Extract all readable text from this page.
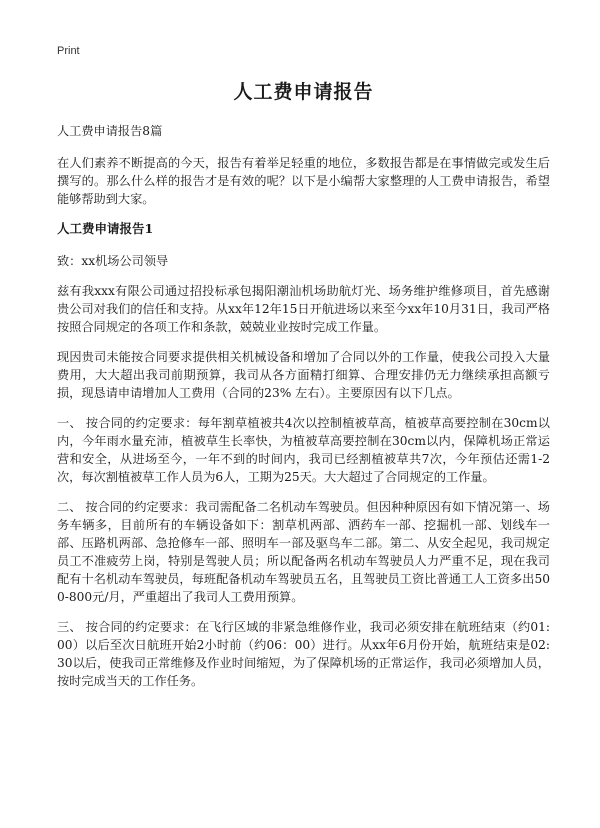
Print
人工费申请报告

人工费申请报告8篇

在人们素养不断提高的今天，报告有着举足轻重的地位，多数报告都是在事情做完或发生后撰写的。那么什么样的报告才是有效的呢？以下是小编帮大家整理的人工费申请报告，希望能够帮助到大家。

人工费申请报告1

致：xx机场公司领导

兹有我xxx有限公司通过招投标承包揭阳潮汕机场助航灯光、场务维护维修项目，首先感谢贵公司对我们的信任和支持。从xx年12年15日开航进场以来至今xx年10月31日，我司严格按照合同规定的各项工作和条款，兢兢业业按时完成工作量。

现因贵司未能按合同要求提供相关机械设备和增加了合同以外的工作量，使我公司投入大量费用，大大超出我司前期预算，我司从各方面精打细算、合理安排仍无力继续承担高额亏损，现恳请申请增加人工费用（合同的23% 左右）。主要原因有以下几点。

一、 按合同的约定要求：每年割草植被共4次以控制植被草高，植被草高要控制在30cm以内，今年雨水量充沛，植被草生长率快，为植被草高要控制在30cm以内，保障机场正常运营和安全，从进场至今，一年不到的时间内，我司已经割植被草共7次，今年预估还需1-2次，每次割植被草工作人员为6人，工期为25天。大大超过了合同规定的工作量。

二、 按合同的约定要求：我司需配备二名机动车驾驶员。但因种种原因有如下情况第一、场务车辆多，目前所有的车辆设备如下：割草机两部、洒药车一部、挖掘机一部、划线车一部、压路机两部、急抢修车一部、照明车一部及驱鸟车二部。第二、从安全起见，我司规定员工不准疲劳上岗，特别是驾驶人员；所以配备两名机动车驾驶员人力严重不足，现在我司配有十名机动车驾驶员，每班配备机动车驾驶员五名，且驾驶员工资比普通工人工资多出500-800元/月，严重超出了我司人工费用预算。

三、 按合同的约定要求：在飞行区域的非紧急维修作业，我司必须安排在航班结束（约01:00）以后至次日航班开始2小时前（约06：00）进行。从xx年6月份开始，航班结束是02:30以后，使我司正常维修及作业时间缩短，为了保障机场的正常运作，我司必须增加人员，按时完成当天的工作任务。
